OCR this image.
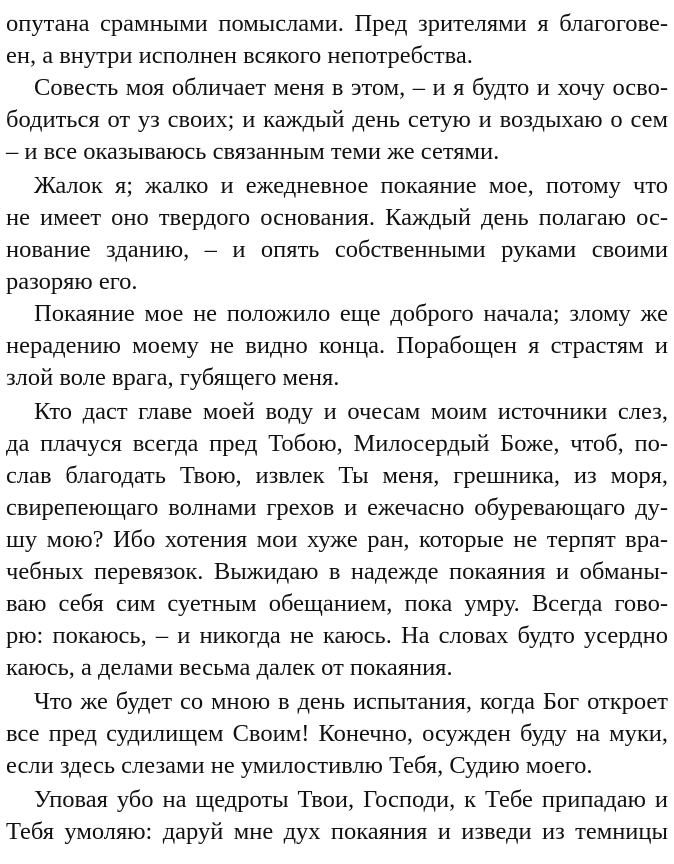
опутана срамными помыслами. Пред зрителями я благогове-
ен, а внутри исполнен всякого непотребства.
Совесть моя обличает меня в этом, – и я будто и хочу осво-
бодиться от уз своих; и каждый день сетую и воздыхаю о сем
– и все оказываюсь связанным теми же сетями.
Жалок я; жалко и ежедневное покаяние мое, потому что
не имеет оно твердого основания. Каждый день полагаю ос-
нование зданию, – и опять собственными руками своими
разоряю его.
Покаяние мое не положило еще доброго начала; злому же
нерадению моему не видно конца. Порабощен я страстям и
злой воле врага, губящего меня.
Кто даст главе моей воду и очесам моим источники слез,
да плачуся всегда пред Тобою, Милосердый Боже, чтоб, по-
слав благодать Твою, извлек Ты меня, грешника, из моря,
свирепеющаго волнами грехов и ежечасно обуревающаго ду-
шу мою? Ибо хотения мои хуже ран, которые не терпят вра-
чебных перевязок. Выжидаю в надежде покаяния и обманы-
ваю себя сим суетным обещанием, пока умру. Всегда гово-
рю: покаюсь, – и никогда не каюсь. На словах будто усердно
каюсь, а делами весьма далек от покаяния.
Что же будет со мною в день испытания, когда Бог откроет
все пред судилищем Своим! Конечно, осужден буду на муки,
если здесь слезами не умилостивлю Тебя, Судию моего.
Уповая убо на щедроты Твои, Господи, к Тебе припадаю и
Тебя умоляю: даруй мне дух покаяния и изведи из темницы
